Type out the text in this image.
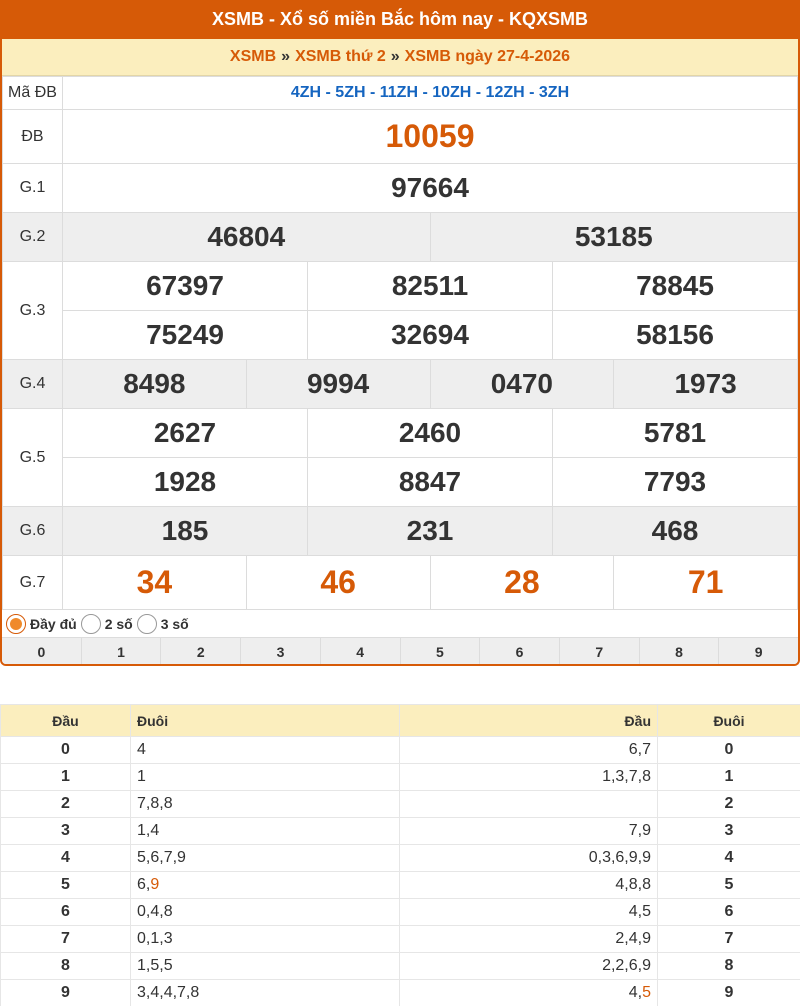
XSMB - Xổ số miền Bắc hôm nay - KQXSMB
XSMB » XSMB thứ 2 » XSMB ngày 27-4-2026
Mã ĐB	4ZH - 5ZH - 11ZH - 10ZH - 12ZH - 3ZH					
ĐB	10059					
G.1	97664					
G.2	46804			53185		
G.3	67397		82511		78845	
	75249		32694		58156	
G.4	8498	9994		0470		1973
G.5	2627		2460		5781	
	1928		8847		7793	
G.6	185		231		468	
G.7	34	46		28		71
Đầy đủ 2 số 3 số
0	1	2	3	4	5	6	7	8	9
Đầu	Đuôi	Đầu	Đuôi
0	4	6,7	0
1	1	1,3,7,8	1
2	7,8,8		2
3	1,4	7,9	3
4	5,6,7,9	0,3,6,9,9	4
5	6,9	4,8,8	5
6	0,4,8	4,5	6
7	0,1,3	2,4,9	7
8	1,5,5	2,2,6,9	8
9	3,4,4,7,8	4,5	9
